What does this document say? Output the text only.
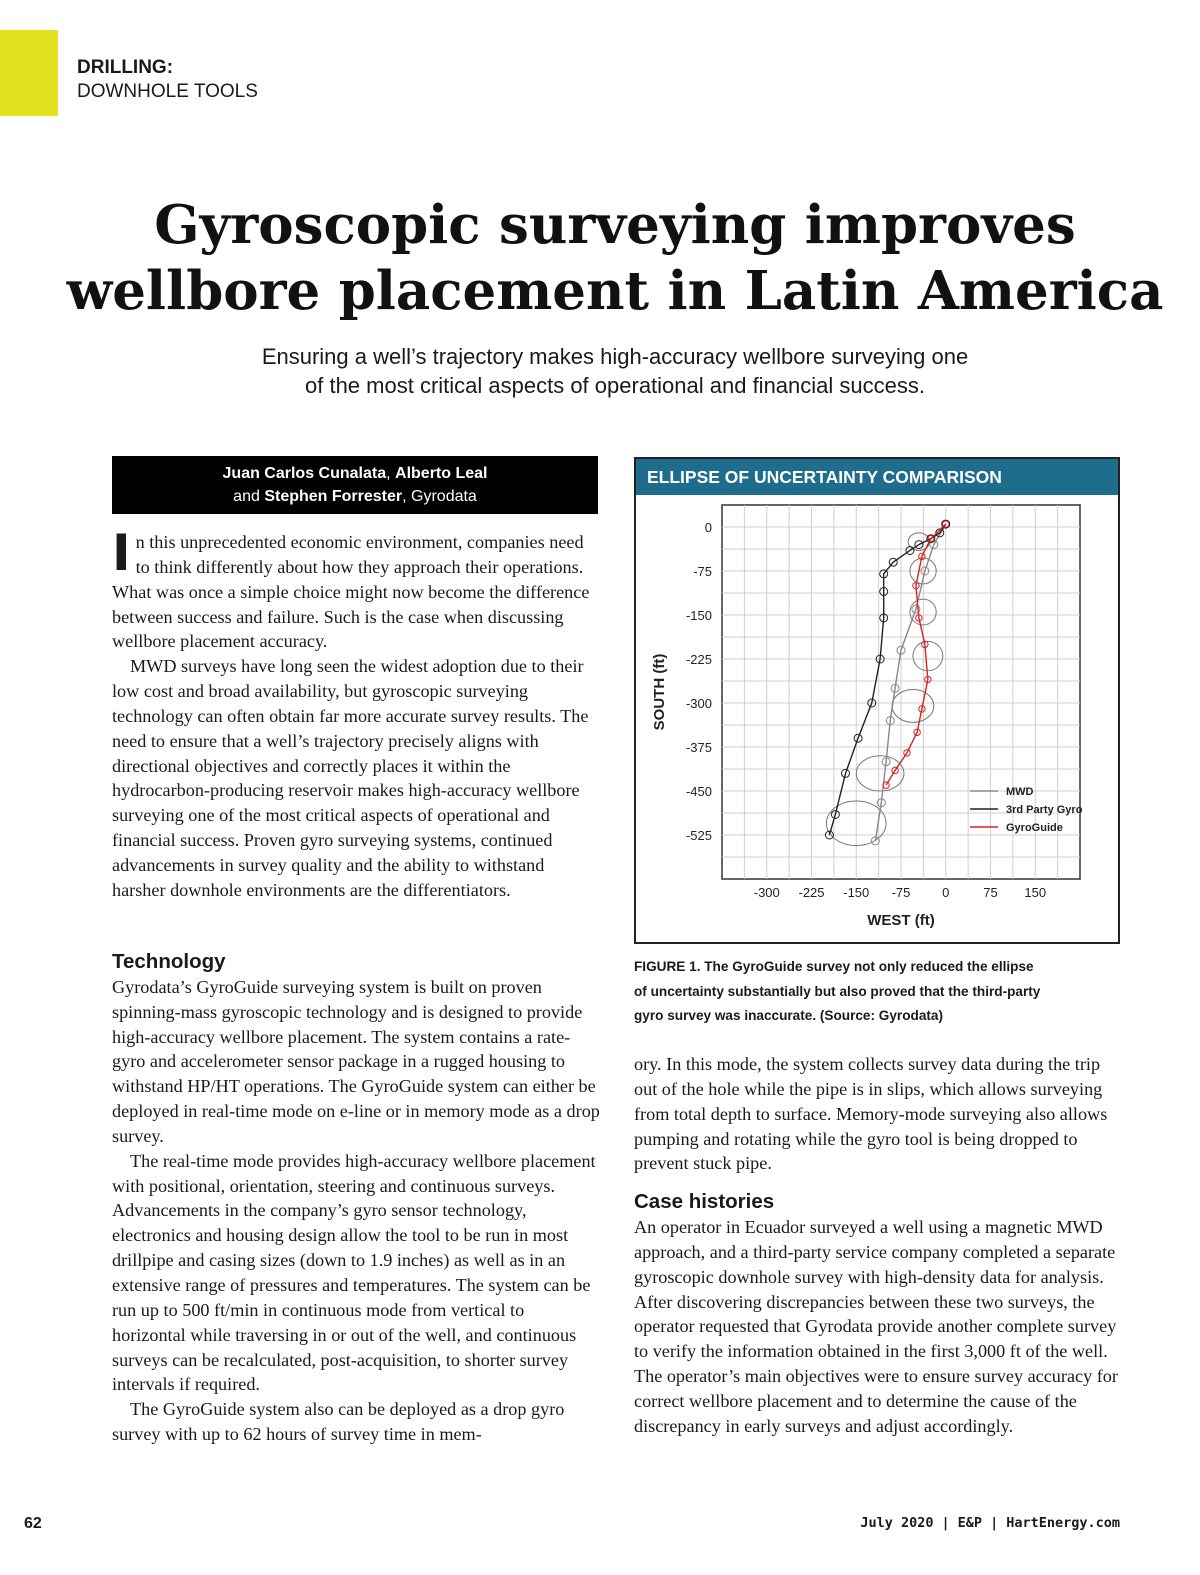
DRILLING:
DOWNHOLE TOOLS
Gyroscopic surveying improves
wellbore placement in Latin America

Ensuring a well’s trajectory makes high-accuracy wellbore surveying one
of the most critical aspects of operational and financial success.

Juan Carlos Cunalata, Alberto Leal
and Stephen Forrester, Gyrodata

In this unprecedented economic environment, companies need to think differently about how they approach their operations. What was once a simple choice might now become the difference between success and failure. Such is the case when discussing wellbore placement accuracy.

MWD surveys have long seen the widest adoption due to their low cost and broad availability, but gyroscopic surveying technology can often obtain far more accurate survey results. The need to ensure that a well’s trajectory precisely aligns with directional objectives and correctly places it within the hydrocarbon-producing reservoir makes high-accuracy wellbore surveying one of the most critical aspects of operational and financial success. Proven gyro surveying systems, continued advancements in survey quality and the ability to withstand harsher downhole environments are the differentiators.

Technology

Gyrodata’s GyroGuide surveying system is built on proven spinning-mass gyroscopic technology and is designed to provide high-accuracy wellbore placement. The system contains a rate-gyro and accelerometer sensor package in a rugged housing to withstand HP/HT operations. The GyroGuide system can either be deployed in real-time mode on e-line or in memory mode as a drop survey.

The real-time mode provides high-accuracy wellbore placement with positional, orientation, steering and continuous surveys. Advancements in the company’s gyro sensor technology, electronics and housing design allow the tool to be run in most drillpipe and casing sizes (down to 1.9 inches) as well as in an extensive range of pressures and temperatures. The system can be run up to 500 ft/min in continuous mode from vertical to horizontal while traversing in or out of the well, and continuous surveys can be recalculated, post-acquisition, to shorter survey intervals if required.

The GyroGuide system also can be deployed as a drop gyro survey with up to 62 hours of survey time in mem-

ELLIPSE OF UNCERTAINTY COMPARISON
-300 -225 -150 -75 0	75 150
0
-75
-150
-225
-300
-375
-450
-525
WEST (ft)
SOUTH (ft)
MWD
3rd Party Gyro
GyroGuide

FIGURE 1. The GyroGuide survey not only reduced the ellipse
of uncertainty substantially but also proved that the third-party
gyro survey was inaccurate. (Source: Gyrodata)

ory. In this mode, the system collects survey data during the trip out of the hole while the pipe is in slips, which allows surveying from total depth to surface. Memory-mode surveying also allows pumping and rotating while the gyro tool is being dropped to prevent stuck pipe.

Case histories

An operator in Ecuador surveyed a well using a magnetic MWD approach, and a third-party service company completed a separate gyroscopic downhole survey with high-density data for analysis. After discovering discrepancies between these two surveys, the operator requested that Gyrodata provide another complete survey to verify the information obtained in the first 3,000 ft of the well. The operator’s main objectives were to ensure survey accuracy for correct wellbore placement and to determine the cause of the discrepancy in early surveys and adjust accordingly.

62	July 2020 | E&P | HartEnergy.com
